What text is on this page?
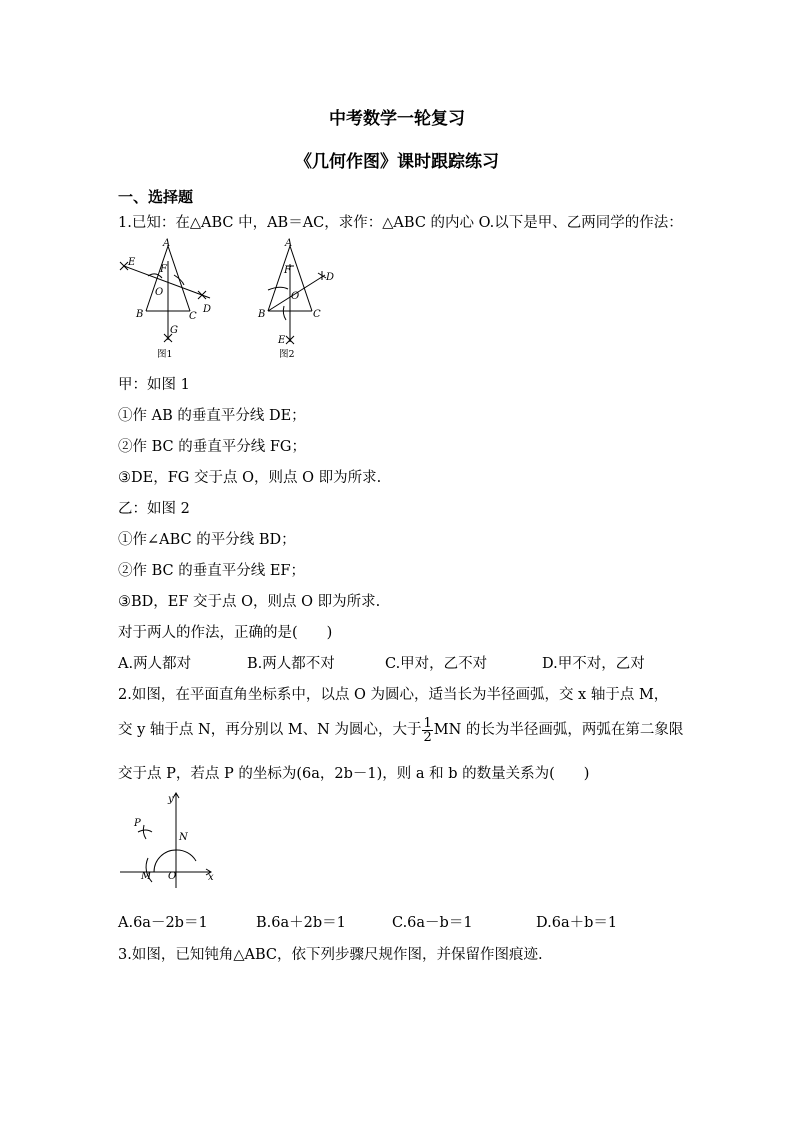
中考数学一轮复习
《几何作图》课时跟踪练习
一、选择题
1.已知：在△ABC 中，AB＝AC，求作：△ABC 的内心 O.以下是甲、乙两同学的作法：
A
B	C
D
E
F
G
O
图1
A
B	C
D
E
F
O
图2
甲：如图 1
①作 AB 的垂直平分线 DE；
②作 BC 的垂直平分线 FG；
③DE，FG 交于点 O，则点 O 即为所求.
乙：如图 2
①作∠ABC 的平分线 BD；
②作 BC 的垂直平分线 EF；
③BD，EF 交于点 O，则点 O 即为所求.
对于两人的作法，正确的是(　　)
A.两人都对	B.两人都不对	C.甲对，乙不对	D.甲不对，乙对
2.如图，在平面直角坐标系中，以点 O 为圆心，适当长为半径画弧，交 x 轴于点 M，
交 y 轴于点 N，再分别以 M、N 为圆心，大于 $\frac{1}{2}$ MN 的长为半径画弧，两弧在第二象限
交于点 P，若点 P 的坐标为(6a，2b－1)，则 a 和 b 的数量关系为(　　)
y
x
P
N
M O
A.6a－2b＝1	B.6a＋2b＝1	C.6a－b＝1	D.6a＋b＝1
3.如图，已知钝角△ABC，依下列步骤尺规作图，并保留作图痕迹.
